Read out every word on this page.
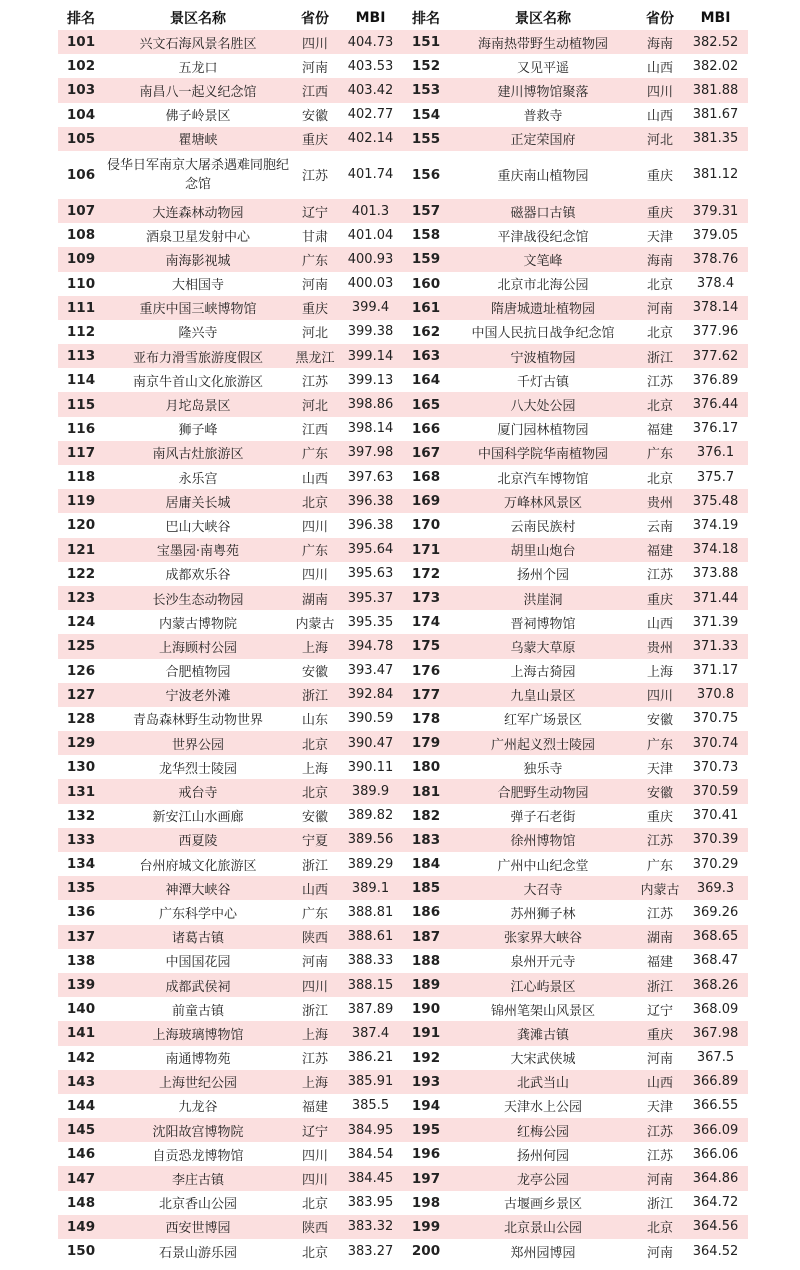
排名	景区名称	省份	MBI	排名	景区名称	省份	MBI
101	兴文石海风景名胜区	四川	404.73	151	海南热带野生动植物园	海南	382.52
102	五龙口	河南	403.53	152	又见平遥	山西	382.02
103	南昌八一起义纪念馆	江西	403.42	153	建川博物馆聚落	四川	381.88
104	佛子岭景区	安徽	402.77	154	普救寺	山西	381.67
105	瞿塘峡	重庆	402.14	155	正定荣国府	河北	381.35
106	侵华日军南京大屠杀遇难同胞纪念馆	江苏	401.74	156	重庆南山植物园	重庆	381.12
107	大连森林动物园	辽宁	401.3	157	磁器口古镇	重庆	379.31
108	酒泉卫星发射中心	甘肃	401.04	158	平津战役纪念馆	天津	379.05
109	南海影视城	广东	400.93	159	文笔峰	海南	378.76
110	大相国寺	河南	400.03	160	北京市北海公园	北京	378.4
111	重庆中国三峡博物馆	重庆	399.4	161	隋唐城遗址植物园	河南	378.14
112	隆兴寺	河北	399.38	162	中国人民抗日战争纪念馆	北京	377.96
113	亚布力滑雪旅游度假区	黑龙江	399.14	163	宁波植物园	浙江	377.62
114	南京牛首山文化旅游区	江苏	399.13	164	千灯古镇	江苏	376.89
115	月坨岛景区	河北	398.86	165	八大处公园	北京	376.44
116	狮子峰	江西	398.14	166	厦门园林植物园	福建	376.17
117	南风古灶旅游区	广东	397.98	167	中国科学院华南植物园	广东	376.1
118	永乐宫	山西	397.63	168	北京汽车博物馆	北京	375.7
119	居庸关长城	北京	396.38	169	万峰林风景区	贵州	375.48
120	巴山大峡谷	四川	396.38	170	云南民族村	云南	374.19
121	宝墨园·南粤苑	广东	395.64	171	胡里山炮台	福建	374.18
122	成都欢乐谷	四川	395.63	172	扬州个园	江苏	373.88
123	长沙生态动物园	湖南	395.37	173	洪崖洞	重庆	371.44
124	内蒙古博物院	内蒙古	395.35	174	晋祠博物馆	山西	371.39
125	上海顾村公园	上海	394.78	175	乌蒙大草原	贵州	371.33
126	合肥植物园	安徽	393.47	176	上海古猗园	上海	371.17
127	宁波老外滩	浙江	392.84	177	九皇山景区	四川	370.8
128	青岛森林野生动物世界	山东	390.59	178	红军广场景区	安徽	370.75
129	世界公园	北京	390.47	179	广州起义烈士陵园	广东	370.74
130	龙华烈士陵园	上海	390.11	180	独乐寺	天津	370.73
131	戒台寺	北京	389.9	181	合肥野生动物园	安徽	370.59
132	新安江山水画廊	安徽	389.82	182	弹子石老街	重庆	370.41
133	西夏陵	宁夏	389.56	183	徐州博物馆	江苏	370.39
134	台州府城文化旅游区	浙江	389.29	184	广州中山纪念堂	广东	370.29
135	神潭大峡谷	山西	389.1	185	大召寺	内蒙古	369.3
136	广东科学中心	广东	388.81	186	苏州狮子林	江苏	369.26
137	诸葛古镇	陕西	388.61	187	张家界大峡谷	湖南	368.65
138	中国国花园	河南	388.33	188	泉州开元寺	福建	368.47
139	成都武侯祠	四川	388.15	189	江心屿景区	浙江	368.26
140	前童古镇	浙江	387.89	190	锦州笔架山风景区	辽宁	368.09
141	上海玻璃博物馆	上海	387.4	191	龚滩古镇	重庆	367.98
142	南通博物苑	江苏	386.21	192	大宋武侠城	河南	367.5
143	上海世纪公园	上海	385.91	193	北武当山	山西	366.89
144	九龙谷	福建	385.5	194	天津水上公园	天津	366.55
145	沈阳故宫博物院	辽宁	384.95	195	红梅公园	江苏	366.09
146	自贡恐龙博物馆	四川	384.54	196	扬州何园	江苏	366.06
147	李庄古镇	四川	384.45	197	龙亭公园	河南	364.86
148	北京香山公园	北京	383.95	198	古堰画乡景区	浙江	364.72
149	西安世博园	陕西	383.32	199	北京景山公园	北京	364.56
150	石景山游乐园	北京	383.27	200	郑州园博园	河南	364.52
